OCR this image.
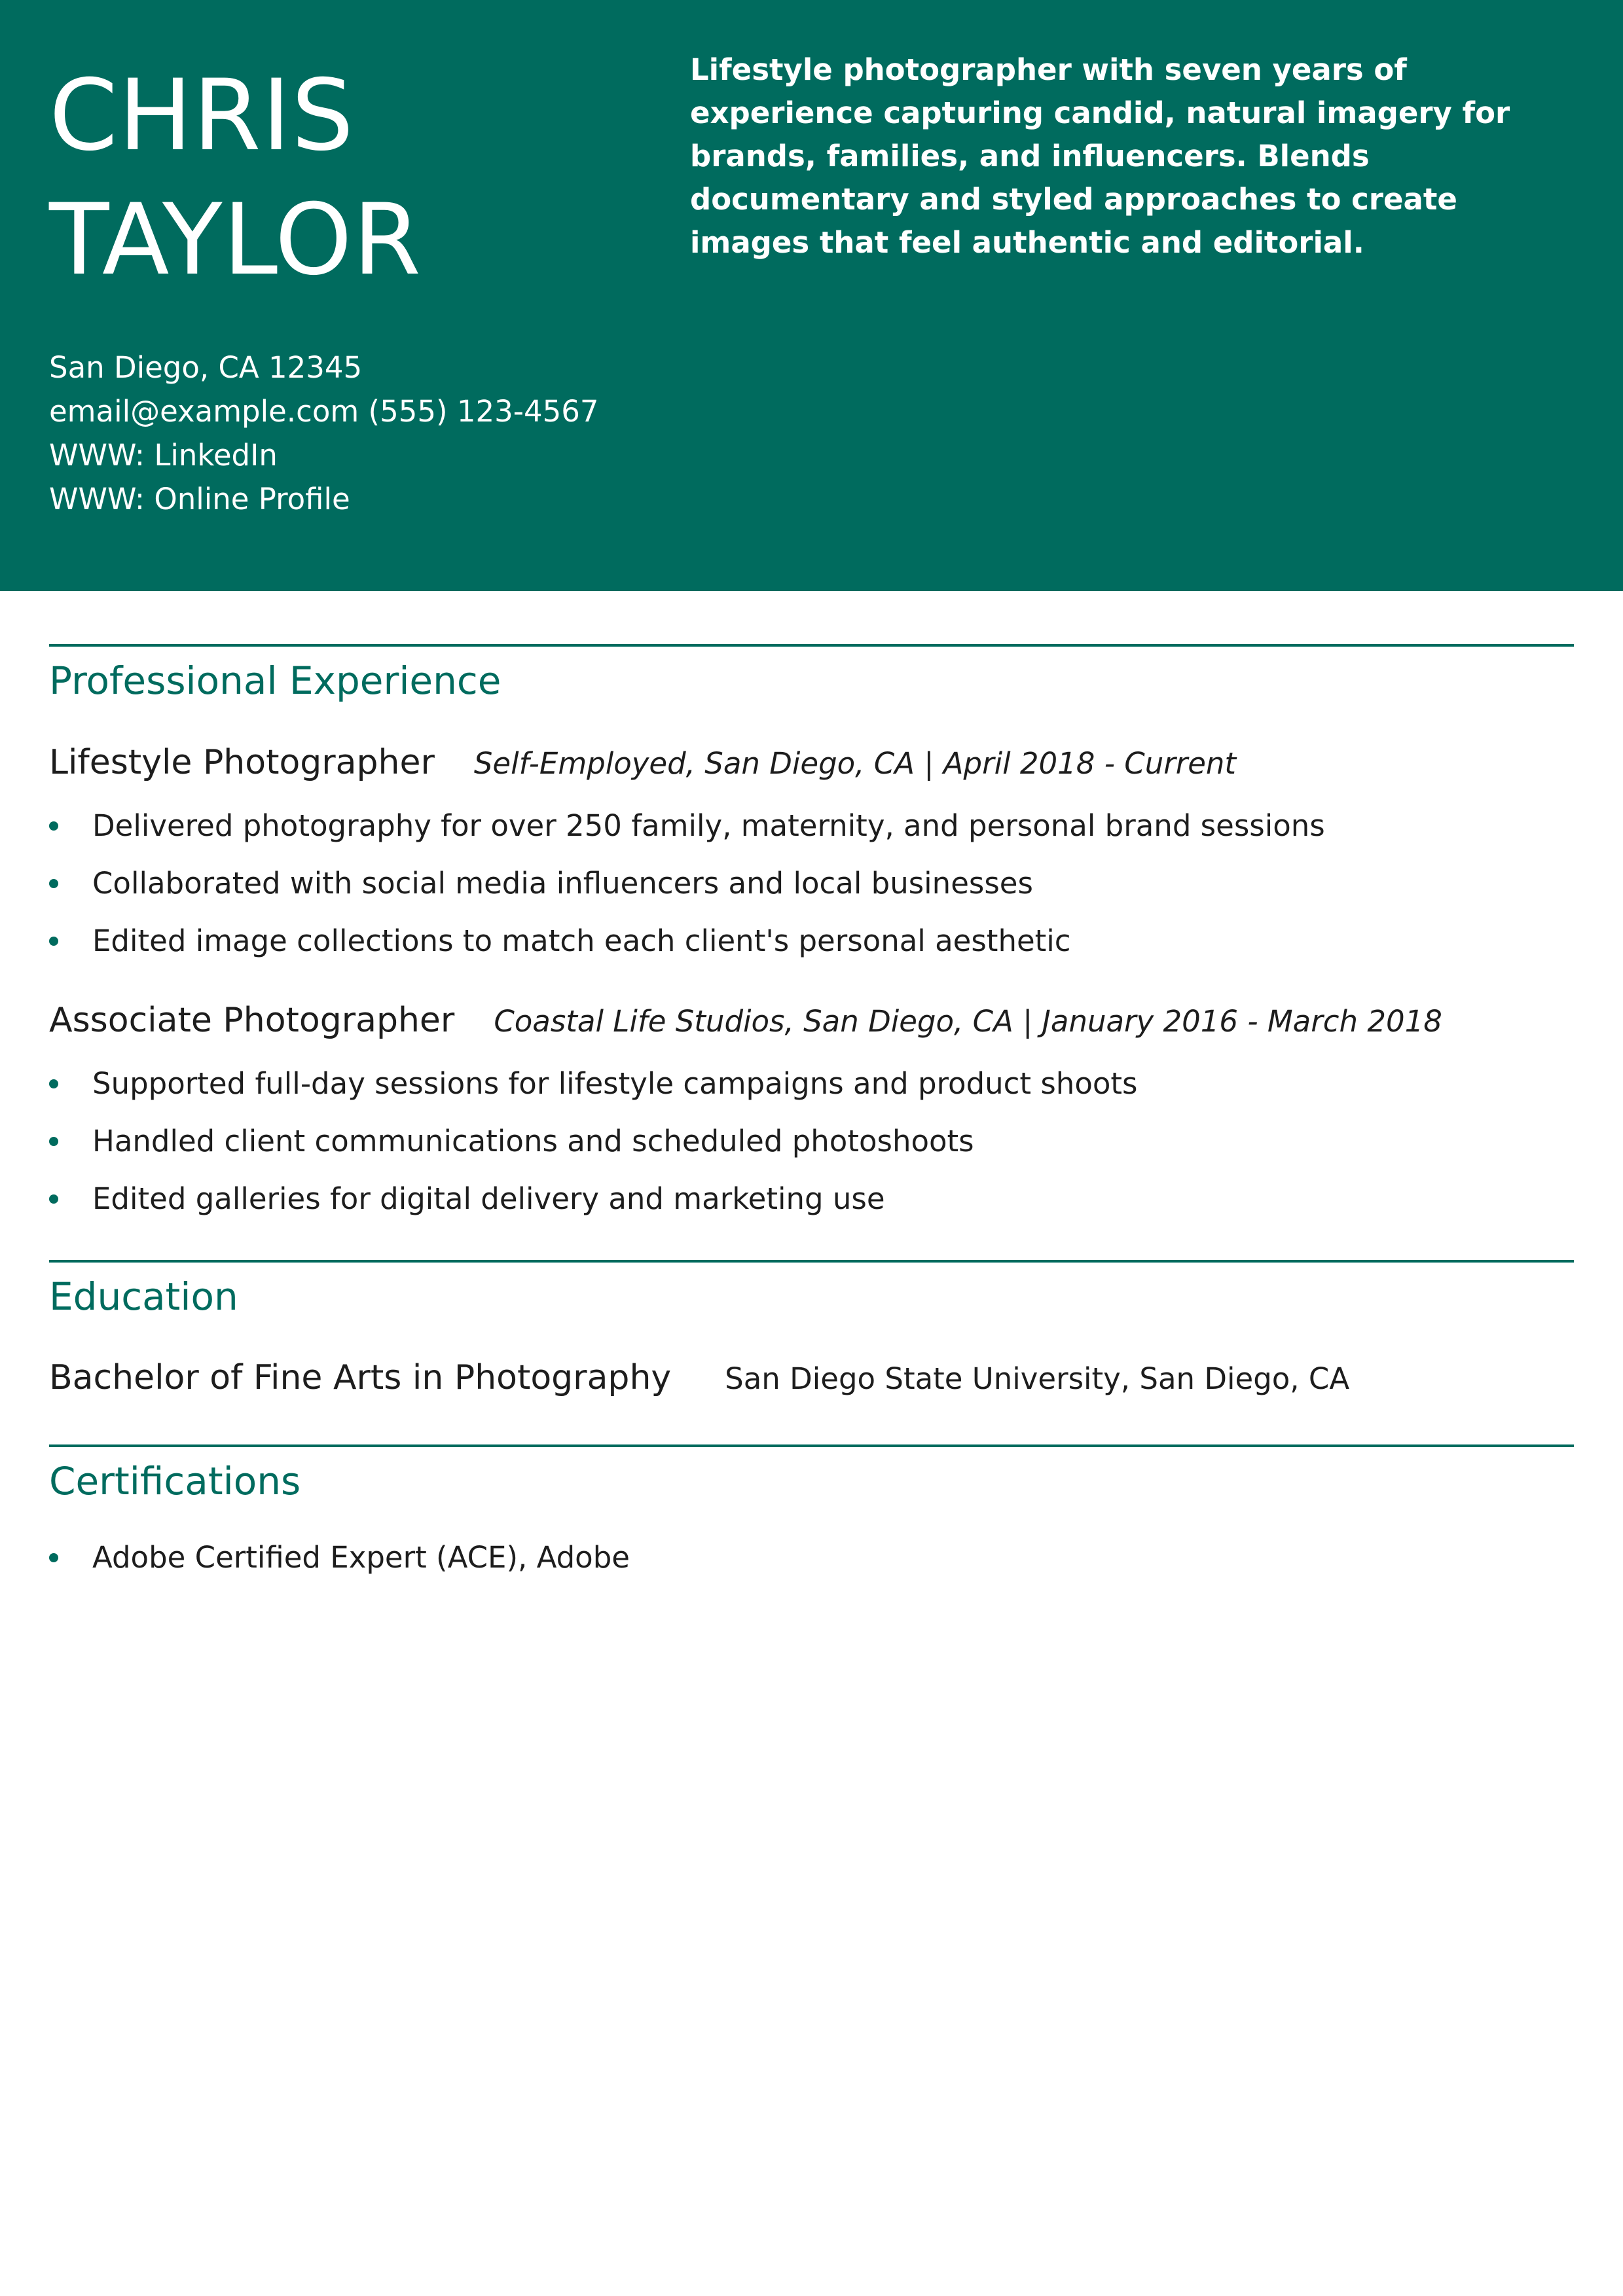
CHRIS
TAYLOR

Lifestyle photographer with seven years of experience capturing candid, natural imagery for brands, families, and influencers. Blends documentary and styled approaches to create images that feel authentic and editorial.

San Diego, CA 12345
email@example.com (555) 123-4567
WWW: LinkedIn
WWW: Online Profile
Professional Experience
Lifestyle Photographer Self-Employed, San Diego, CA | April 2018 - Current
Delivered photography for over 250 family, maternity, and personal brand sessions
Collaborated with social media influencers and local businesses
Edited image collections to match each client's personal aesthetic
Associate Photographer Coastal Life Studios, San Diego, CA | January 2016 - March 2018
Supported full-day sessions for lifestyle campaigns and product shoots
Handled client communications and scheduled photoshoots
Edited galleries for digital delivery and marketing use
Education
Bachelor of Fine Arts in Photography San Diego State University, San Diego, CA
Certifications
Adobe Certified Expert (ACE), Adobe
